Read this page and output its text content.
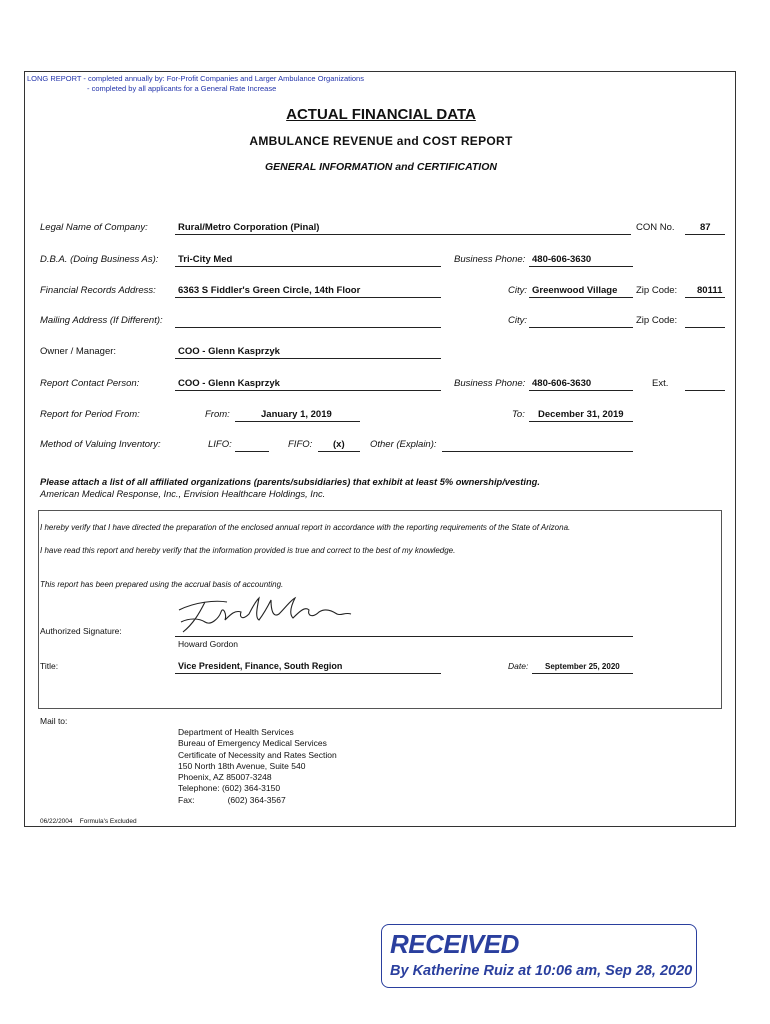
LONG REPORT - completed annually by: For-Profit Companies and Larger Ambulance Organizations
- completed by all applicants for a General Rate Increase
ACTUAL FINANCIAL DATA
AMBULANCE REVENUE and COST REPORT
GENERAL INFORMATION and CERTIFICATION
Legal Name of Company:	Rural/Metro Corporation (Pinal)	CON No.	87
D.B.A. (Doing Business As): Tri-City Med	Business Phone: 480-606-3630
Financial Records Address: 6363 S Fiddler's Green Circle, 14th Floor	City: Greenwood Village Zip Code: 80111
Mailing Address (If Different):	City:	Zip Code:
Owner / Manager:	COO - Glenn Kasprzyk
Report Contact Person:	COO - Glenn Kasprzyk	Business Phone: 480-606-3630	Ext.
Report for Period From:	From:	January 1, 2019	To: December 31, 2019
Method of Valuing Inventory:	LIFO:	FIFO: (x)	Other (Explain):
Please attach a list of all affiliated organizations (parents/subsidiaries) that exhibit at least 5% ownership/vesting.
American Medical Response, Inc., Envision Healthcare Holdings, Inc.
I hereby verify that I have directed the preparation of the enclosed annual report in accordance with the reporting requirements of the State of Arizona.
I have read this report and hereby verify that the information provided is true and correct to the best of my knowledge.
This report has been prepared using the accrual basis of accounting.
Authorized Signature:
Howard Gordon
Title:	Vice President, Finance, South Region	Date: September 25, 2020
Mail to:
Department of Health Services
Bureau of Emergency Medical Services
Certificate of Necessity and Rates Section
150 North 18th Avenue, Suite 540
Phoenix, AZ 85007-3248
Telephone: (602) 364-3150
Fax:              (602) 364-3567
06/22/2004    Formula's Excluded
RECEIVED
By Katherine Ruiz at 10:06 am, Sep 28, 2020
